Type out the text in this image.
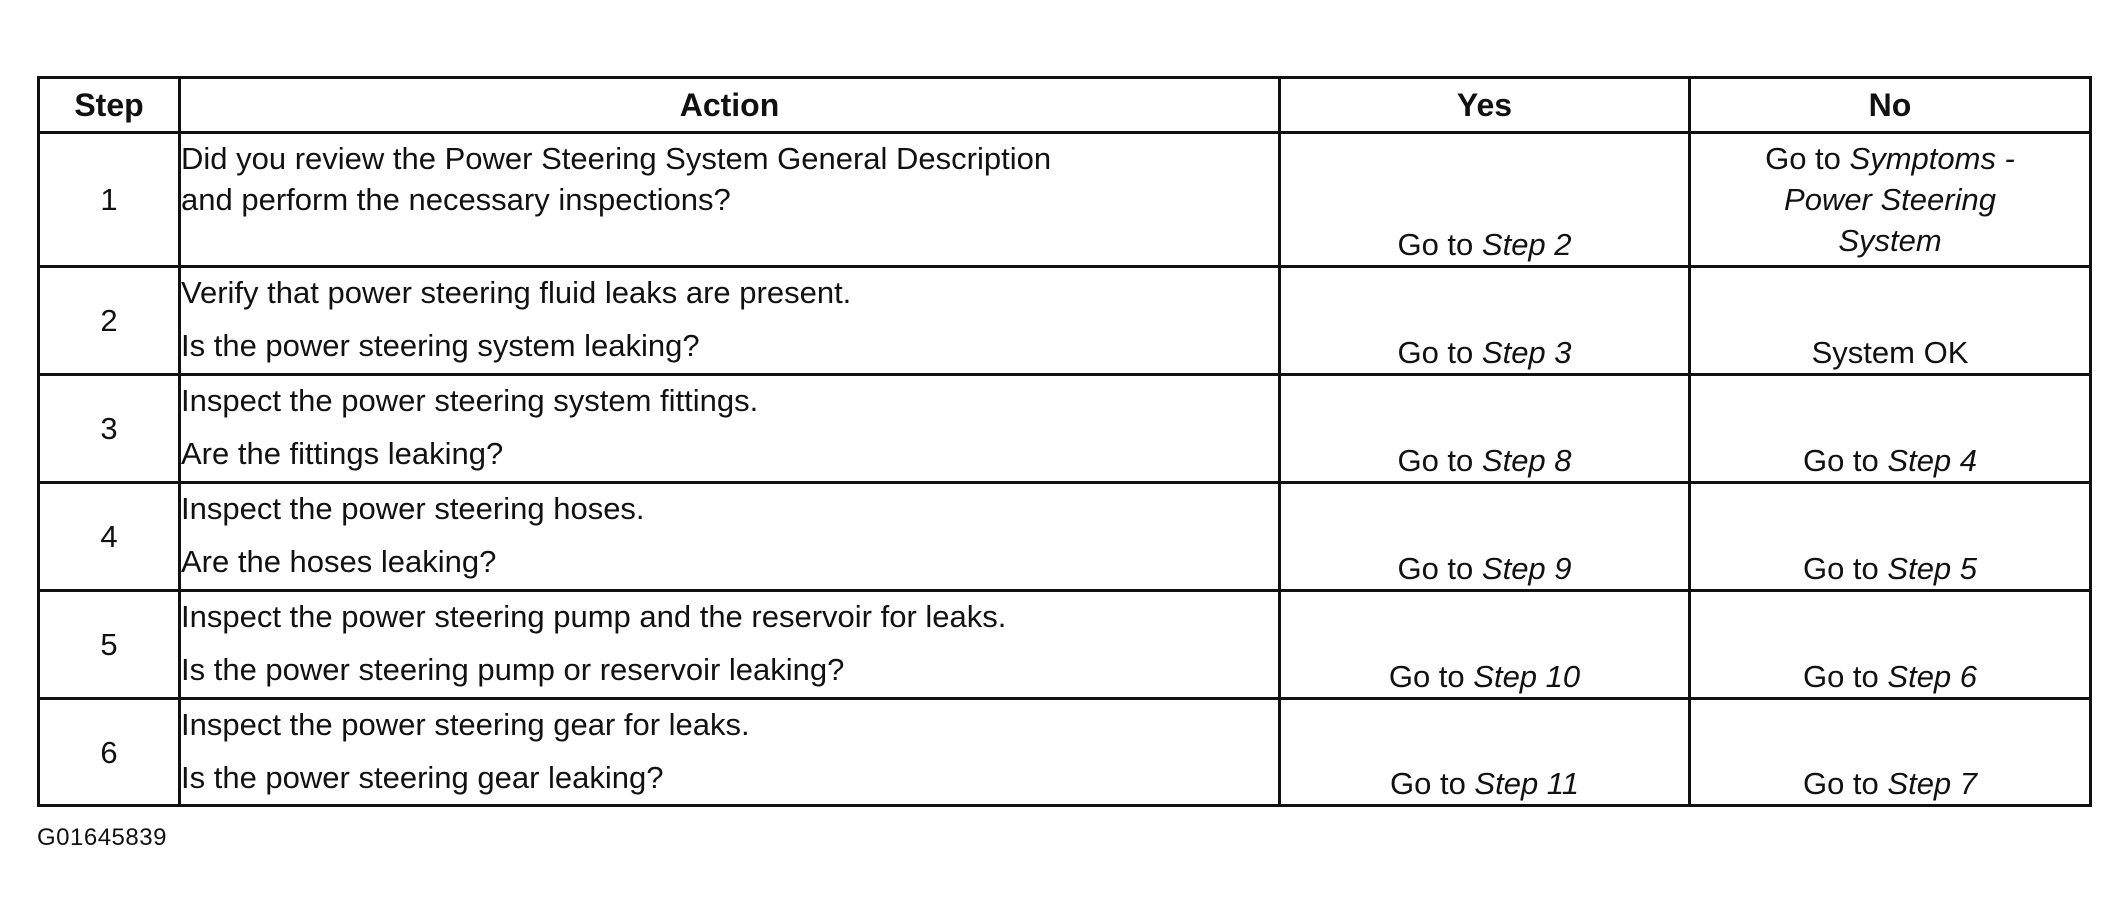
Step	Action	Yes	No
1	Did you review the Power Steering System General Description
and perform the necessary inspections?	Go to Step 2	Go to Symptoms -
Power Steering
System
2	Verify that power steering fluid leaks are present.
Is the power steering system leaking?	Go to Step 3	System OK
3	Inspect the power steering system fittings.
Are the fittings leaking?	Go to Step 8	Go to Step 4
4	Inspect the power steering hoses.
Are the hoses leaking?	Go to Step 9	Go to Step 5
5	Inspect the power steering pump and the reservoir for leaks.
Is the power steering pump or reservoir leaking?	Go to Step 10	Go to Step 6
6	Inspect the power steering gear for leaks.
Is the power steering gear leaking?	Go to Step 11	Go to Step 7
G01645839
